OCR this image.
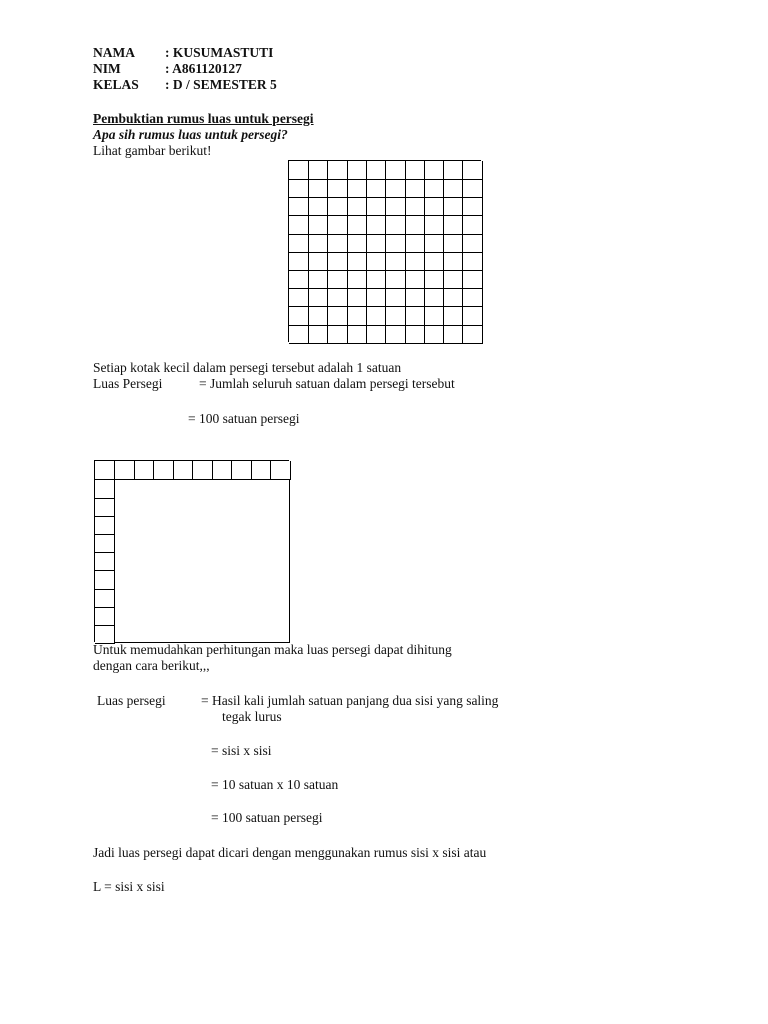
NAMA : KUSUMASTUTI
NIM	: A861120127
KELAS : D / SEMESTER 5
Pembuktian rumus luas untuk persegi
Apa sih rumus luas untuk persegi?
Lihat gambar berikut!
Setiap kotak kecil dalam persegi tersebut adalah 1 satuan
Luas Persegi	= Jumlah seluruh satuan dalam persegi tersebut
= 100 satuan persegi
Untuk memudahkan perhitungan maka luas persegi dapat dihitung
dengan cara berikut,,,
Luas persegi	= Hasil kali jumlah satuan panjang dua sisi yang saling
tegak lurus
= sisi x sisi
= 10 satuan x 10 satuan
= 100 satuan persegi
Jadi luas persegi dapat dicari dengan menggunakan rumus sisi x sisi atau
L = sisi x sisi
